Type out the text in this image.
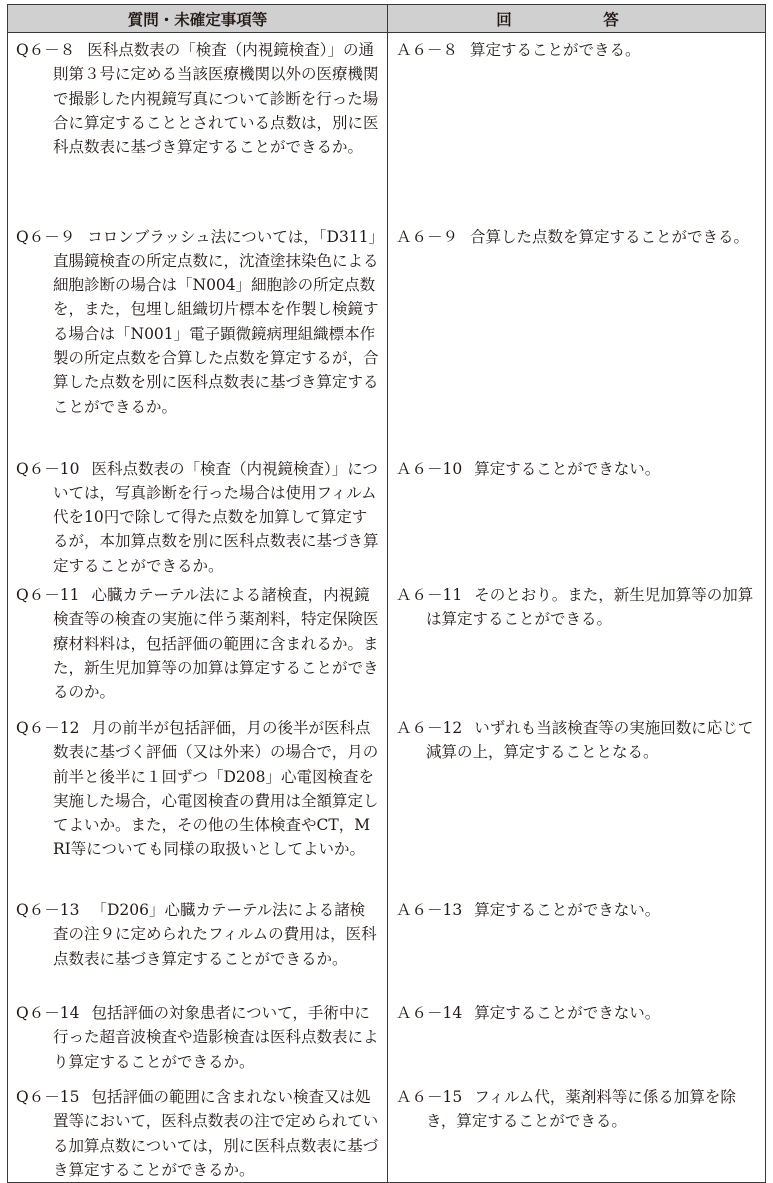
質問・未確定事項等	回　答

Q６－８ 医科点数表の「検査（内視鏡検査）」の通則第３号に定める当該医療機関以外の医療機関で撮影した内視鏡写真について診断を行った場合に算定することとされている点数は，別に医科点数表に基づき算定することができるか。	Ａ６－８ 算定することができる。

Q６－９ コロンブラッシュ法については，「D311」直腸鏡検査の所定点数に，沈渣塗抹染色による細胞診断の場合は「N004」細胞診の所定点数を，また，包埋し組織切片標本を作製し検鏡する場合は「N001」電子顕微鏡病理組織標本作製の所定点数を合算した点数を算定するが，合算した点数を別に医科点数表に基づき算定することができるか。	Ａ６－９ 合算した点数を算定することができる。

Q６－10 医科点数表の「検査（内視鏡検査）」については，写真診断を行った場合は使用フィルム代を10円で除して得た点数を加算して算定するが，本加算点数を別に医科点数表に基づき算定することができるか。	Ａ６－10 算定することができない。

Q６－11 心臓カテーテル法による諸検査，内視鏡検査等の検査の実施に伴う薬剤料，特定保険医療材料料は，包括評価の範囲に含まれるか。また，新生児加算等の加算は算定することができるのか。	Ａ６－11 そのとおり。また，新生児加算等の加算は算定することができる。

Q６－12 月の前半が包括評価，月の後半が医科点数表に基づく評価（又は外来）の場合で，月の前半と後半に１回ずつ「D208」心電図検査を実施した場合，心電図検査の費用は全額算定してよいか。また，その他の生体検査やCT，MRI等についても同様の取扱いとしてよいか。	Ａ６－12 いずれも当該検査等の実施回数に応じて減算の上，算定することとなる。

Q６－13 「D206」心臓カテーテル法による諸検査の注９に定められたフィルムの費用は，医科点数表に基づき算定することができるか。	Ａ６－13 算定することができない。

Q６－14 包括評価の対象患者について，手術中に行った超音波検査や造影検査は医科点数表により算定することができるか。	Ａ６－14 算定することができない。

Q６－15 包括評価の範囲に含まれない検査又は処置等において，医科点数表の注で定められている加算点数については，別に医科点数表に基づき算定することができるか。	Ａ６－15 フィルム代，薬剤料等に係る加算を除き，算定することができる。
